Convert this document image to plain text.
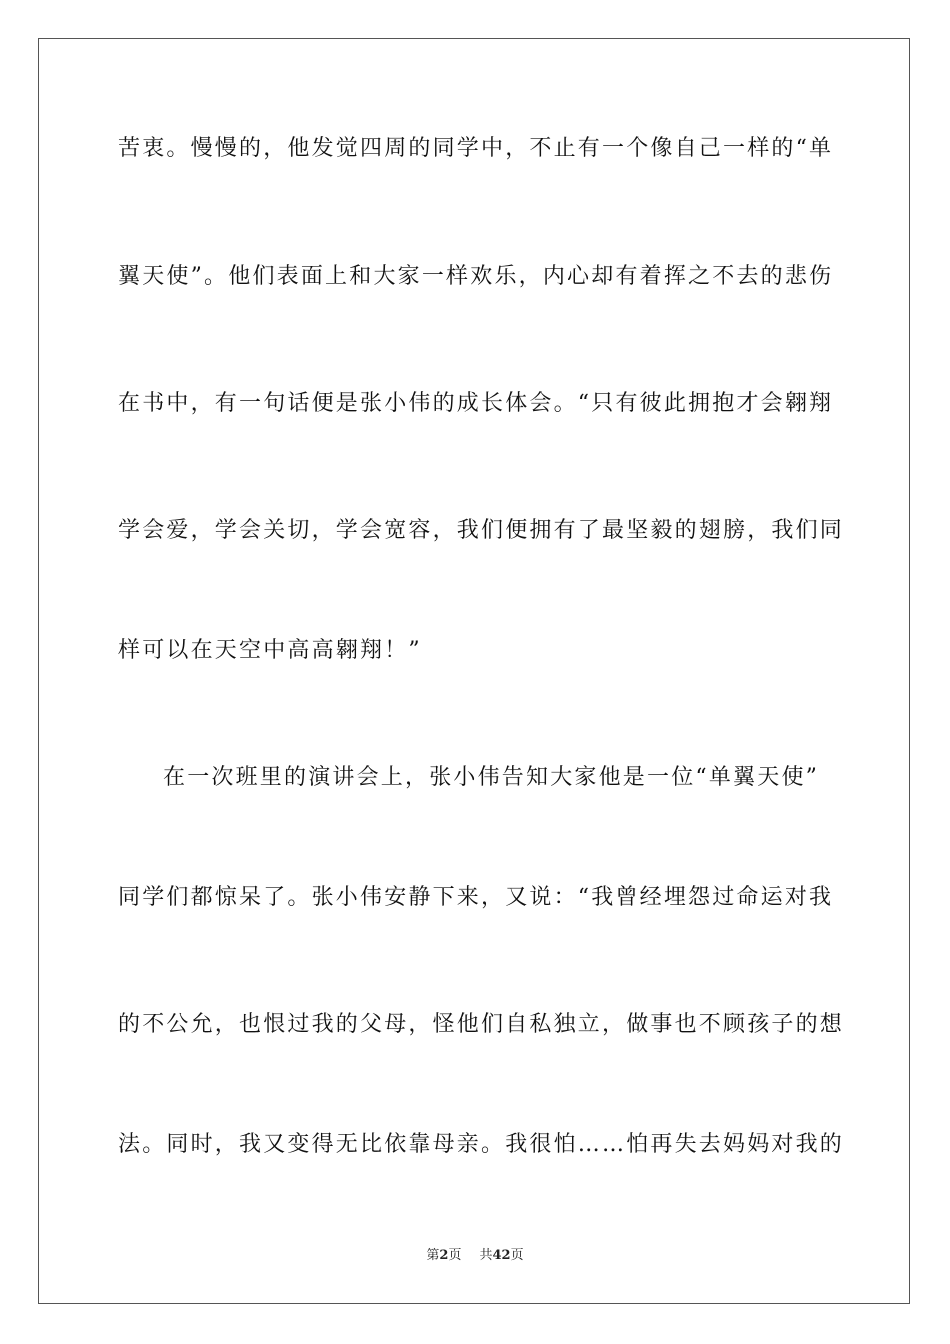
苦衷。慢慢的，他发觉四周的同学中，不止有一个像自己一样的“单
翼天使”。他们表面上和大家一样欢乐，内心却有着挥之不去的悲伤
在书中，有一句话便是张小伟的成长体会。“只有彼此拥抱才会翱翔
学会爱，学会关切，学会宽容，我们便拥有了最坚毅的翅膀，我们同
样可以在天空中高高翱翔！”
在一次班里的演讲会上，张小伟告知大家他是一位“单翼天使”
同学们都惊呆了。张小伟安静下来，又说：“我曾经埋怨过命运对我
的不公允，也恨过我的父母，怪他们自私独立，做事也不顾孩子的想
法。同时，我又变得无比依靠母亲。我很怕……怕再失去妈妈对我的
第2页 共42页
